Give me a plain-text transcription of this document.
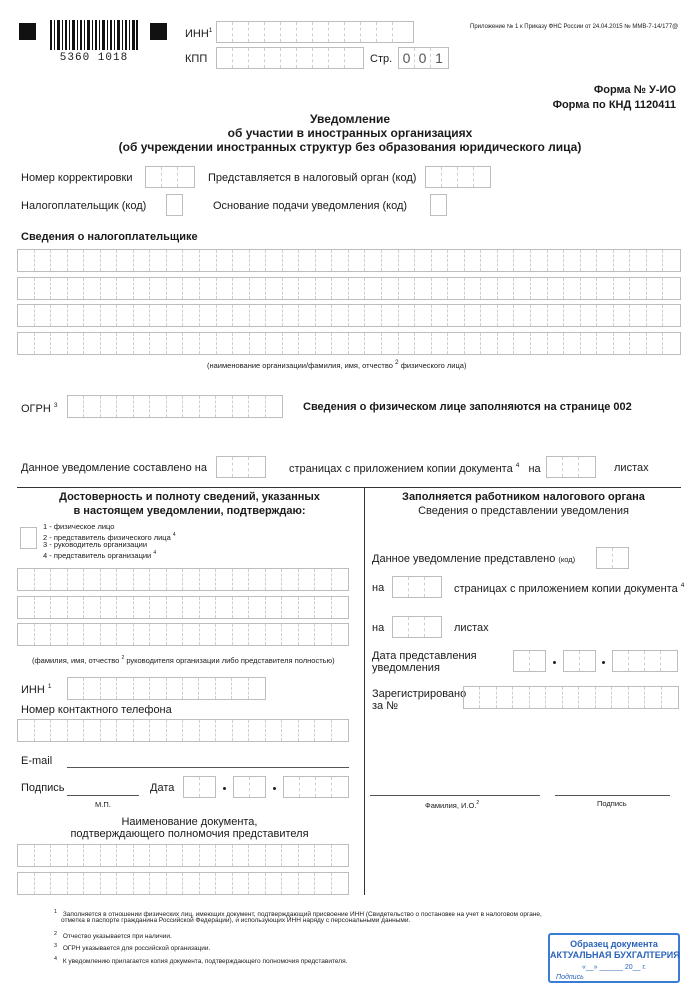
5360 1018
ИНН$^1$
КПП	Стр. 0 0 1
Приложение № 1 к Приказу ФНС России от 24.04.2015 № ММВ-7-14/177@
Форма № У-ИО
Форма по КНД 1120411
Уведомление
об участии в иностранных организациях
(об учреждении иностранных структур без образования юридического лица)
Номер корректировки	Представляется в налоговый орган (код)
Налогоплательщик (код)	Основание подачи уведомления (код)
Сведения о налогоплательщике
(наименование организации/фамилия, имя, отчество $^2$ физического лица)
ОГРН $^3$	Сведения о физическом лице заполняются на странице 002
Данное уведомление составлено на	страницах с приложением копии документа $^4$ на	листах
Достоверность и полноту сведений, указанных
в настоящем уведомлении, подтверждаю:
1 - физическое лицо
2 - представитель физического лица $^4$
3 - руководитель организации
4 - представитель организации $^4$
(фамилия, имя, отчество $^2$ руководителя организации либо представителя полностью)
ИНН $^1$
Номер контактного телефона
E-mail
Подпись	Дата
М.П.
Наименование документа,
подтверждающего полномочия представителя
Заполняется работником налогового органа
Сведения о представлении уведомления
Данное уведомление представлено (код)
на	страницах с приложением копии документа $^4$
на	листах
Дата представления
уведомления
Зарегистрировано
за №
Фамилия, И.О.$^2$	Подпись
$^1$ Заполняется в отношении физических лиц, имеющих документ, подтверждающий присвоение ИНН (Свидетельство о постановке на учет в налоговом органе,
отметка в паспорте гражданина Российской Федерации), и использующих ИНН наряду с персональными данными.
$^2$ Отчество указывается при наличии.
$^3$ ОГРН указывается для российской организации.
$^4$ К уведомлению прилагается копия документа, подтверждающего полномочия представителя.
Образец документа
АКТУАЛЬНАЯ БУХГАЛТЕРИЯ
«__» ______ 20__ г.
Подпись
